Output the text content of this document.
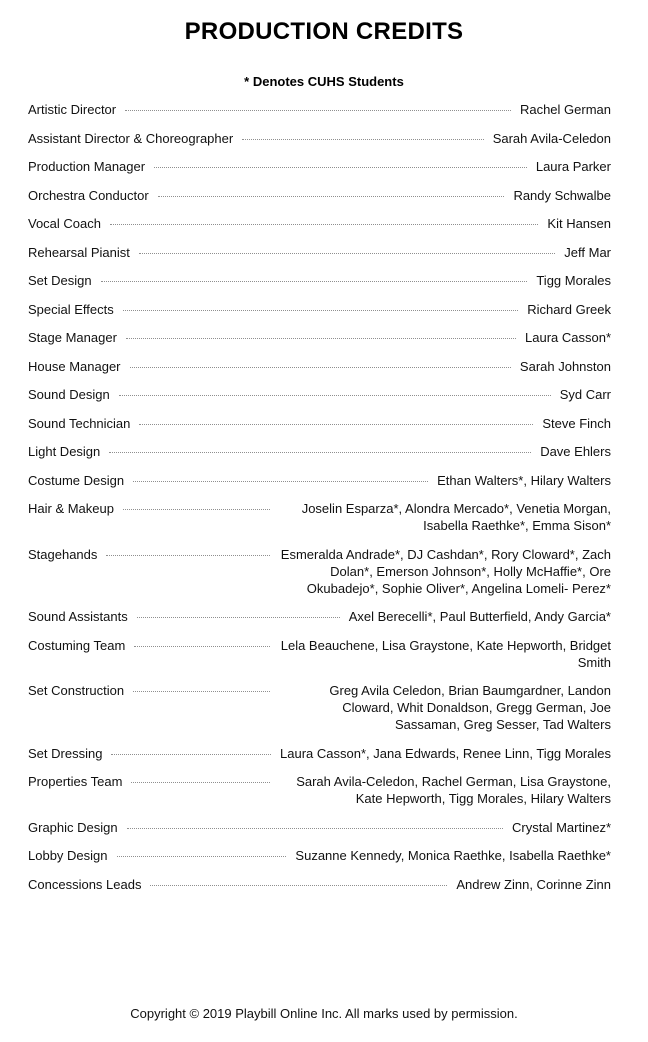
PRODUCTION CREDITS
* Denotes CUHS Students
Artistic Director	Rachel German
Assistant Director & Choreographer	Sarah Avila-Celedon
Production Manager	Laura Parker
Orchestra Conductor	Randy Schwalbe
Vocal Coach	Kit Hansen
Rehearsal Pianist	Jeff Mar
Set Design	Tigg Morales
Special Effects	Richard Greek
Stage Manager	Laura Casson*
House Manager	Sarah Johnston
Sound Design	Syd Carr
Sound Technician	Steve Finch
Light Design	Dave Ehlers
Costume Design	Ethan Walters*, Hilary Walters
Hair & Makeup	Joselin Esparza*, Alondra Mercado*, Venetia Morgan, Isabella Raethke*, Emma Sison*
Stagehands	Esmeralda Andrade*, DJ Cashdan*, Rory Cloward*, Zach Dolan*, Emerson Johnson*, Holly McHaffie*, Ore Okubadejo*, Sophie Oliver*, Angelina Lomeli- Perez*
Sound Assistants	Axel Berecelli*, Paul Butterfield, Andy Garcia*
Costuming Team	Lela Beauchene, Lisa Graystone, Kate Hepworth, Bridget Smith
Set Construction	Greg Avila Celedon, Brian Baumgardner, Landon Cloward, Whit Donaldson, Gregg German, Joe Sassaman, Greg Sesser, Tad Walters
Set Dressing	Laura Casson*, Jana Edwards, Renee Linn, Tigg Morales
Properties Team	Sarah Avila-Celedon, Rachel German, Lisa Graystone, Kate Hepworth, Tigg Morales, Hilary Walters
Graphic Design	Crystal Martinez*
Lobby Design	Suzanne Kennedy, Monica Raethke, Isabella Raethke*
Concessions Leads	Andrew Zinn, Corinne Zinn
Copyright © 2019 Playbill Online Inc. All marks used by permission.
